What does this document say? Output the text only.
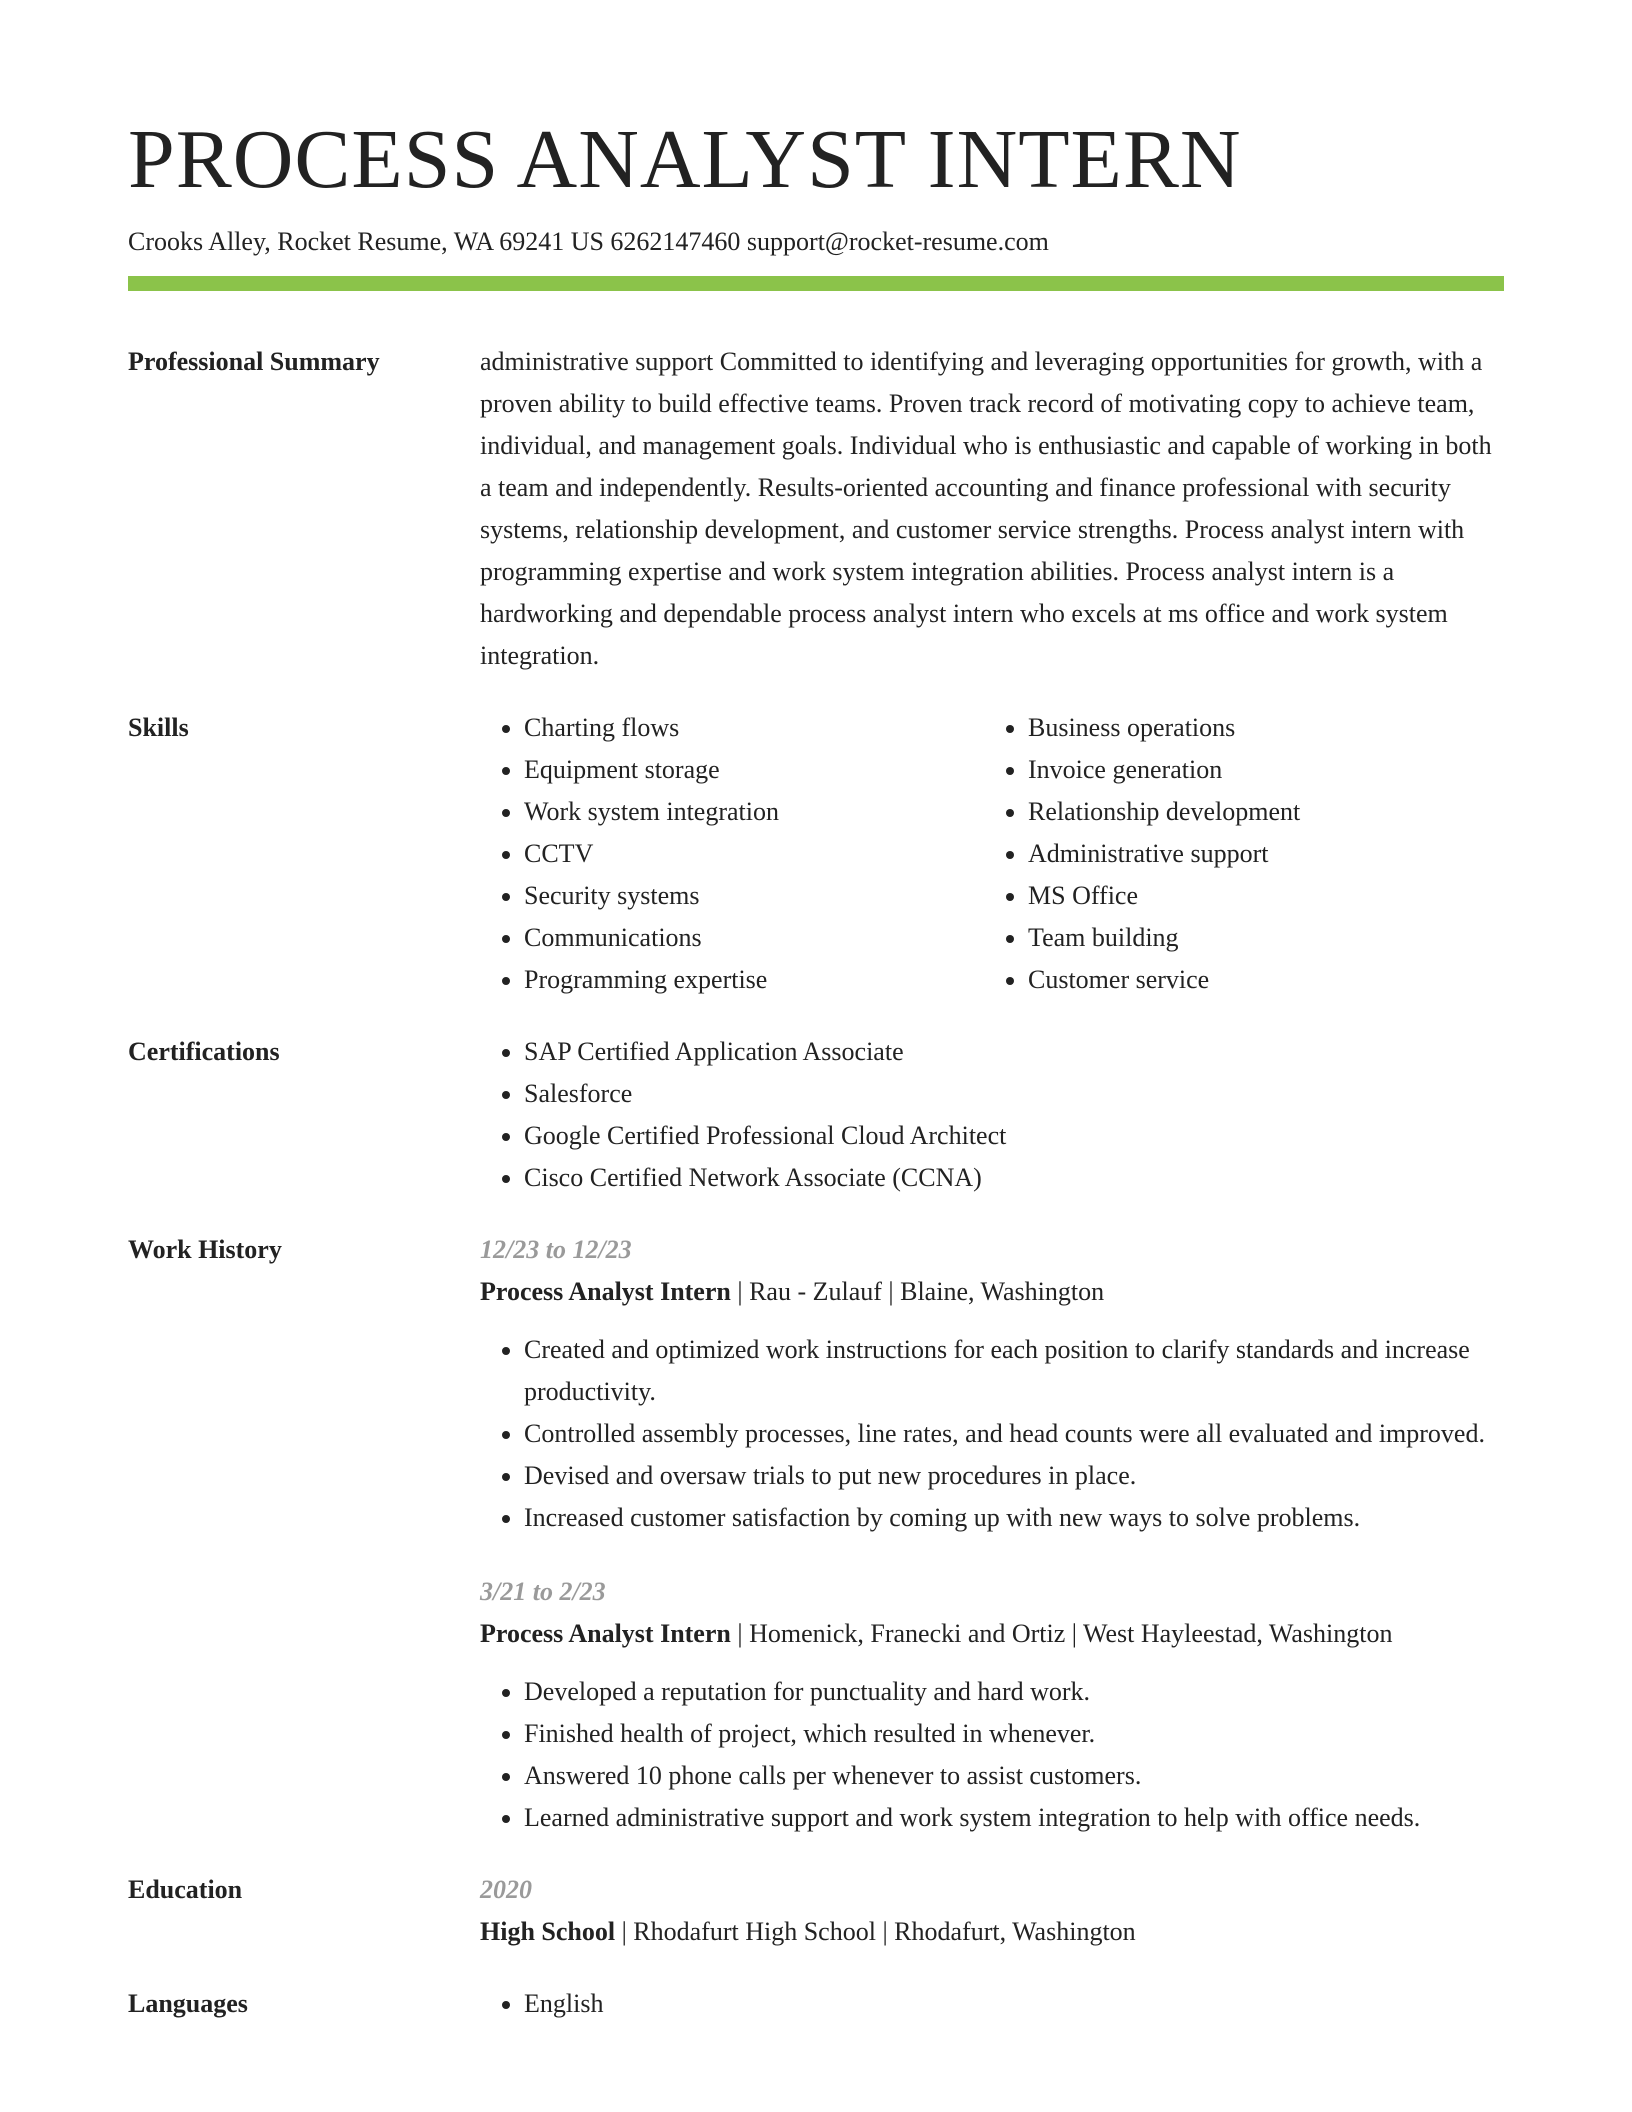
PROCESS ANALYST INTERN
Crooks Alley, Rocket Resume, WA 69241 US 6262147460 support@rocket-resume.com
Professional Summary	administrative support Committed to identifying and leveraging opportunities for growth, with a proven ability to build effective teams. Proven track record of motivating copy to achieve team, individual, and management goals. Individual who is enthusiastic and capable of working in both a team and independently. Results-oriented accounting and finance professional with security systems, relationship development, and customer service strengths. Process analyst intern with programming expertise and work system integration abilities. Process analyst intern is a hardworking and dependable process analyst intern who excels at ms office and work system integration.

Skills	• Charting flows
• Equipment storage
• Work system integration
• CCTV
• Security systems
• Communications
• Programming expertise
• Business operations
• Invoice generation
• Relationship development
• Administrative support
• MS Office
• Team building
• Customer service
Certifications	• SAP Certified Application Associate
• Salesforce
• Google Certified Professional Cloud Architect
• Cisco Certified Network Associate (CCNA)
Work History	12/23 to 12/23
Process Analyst Intern | Rau - Zulauf | Blaine, Washington
• Created and optimized work instructions for each position to clarify standards and increase productivity.
• Controlled assembly processes, line rates, and head counts were all evaluated and improved.
• Devised and oversaw trials to put new procedures in place.
• Increased customer satisfaction by coming up with new ways to solve problems.
3/21 to 2/23
Process Analyst Intern | Homenick, Franecki and Ortiz | West Hayleestad, Washington
• Developed a reputation for punctuality and hard work.
• Finished health of project, which resulted in whenever.
• Answered 10 phone calls per whenever to assist customers.
• Learned administrative support and work system integration to help with office needs.
Education	2020
High School | Rhodafurt High School | Rhodafurt, Washington
Languages	• English
